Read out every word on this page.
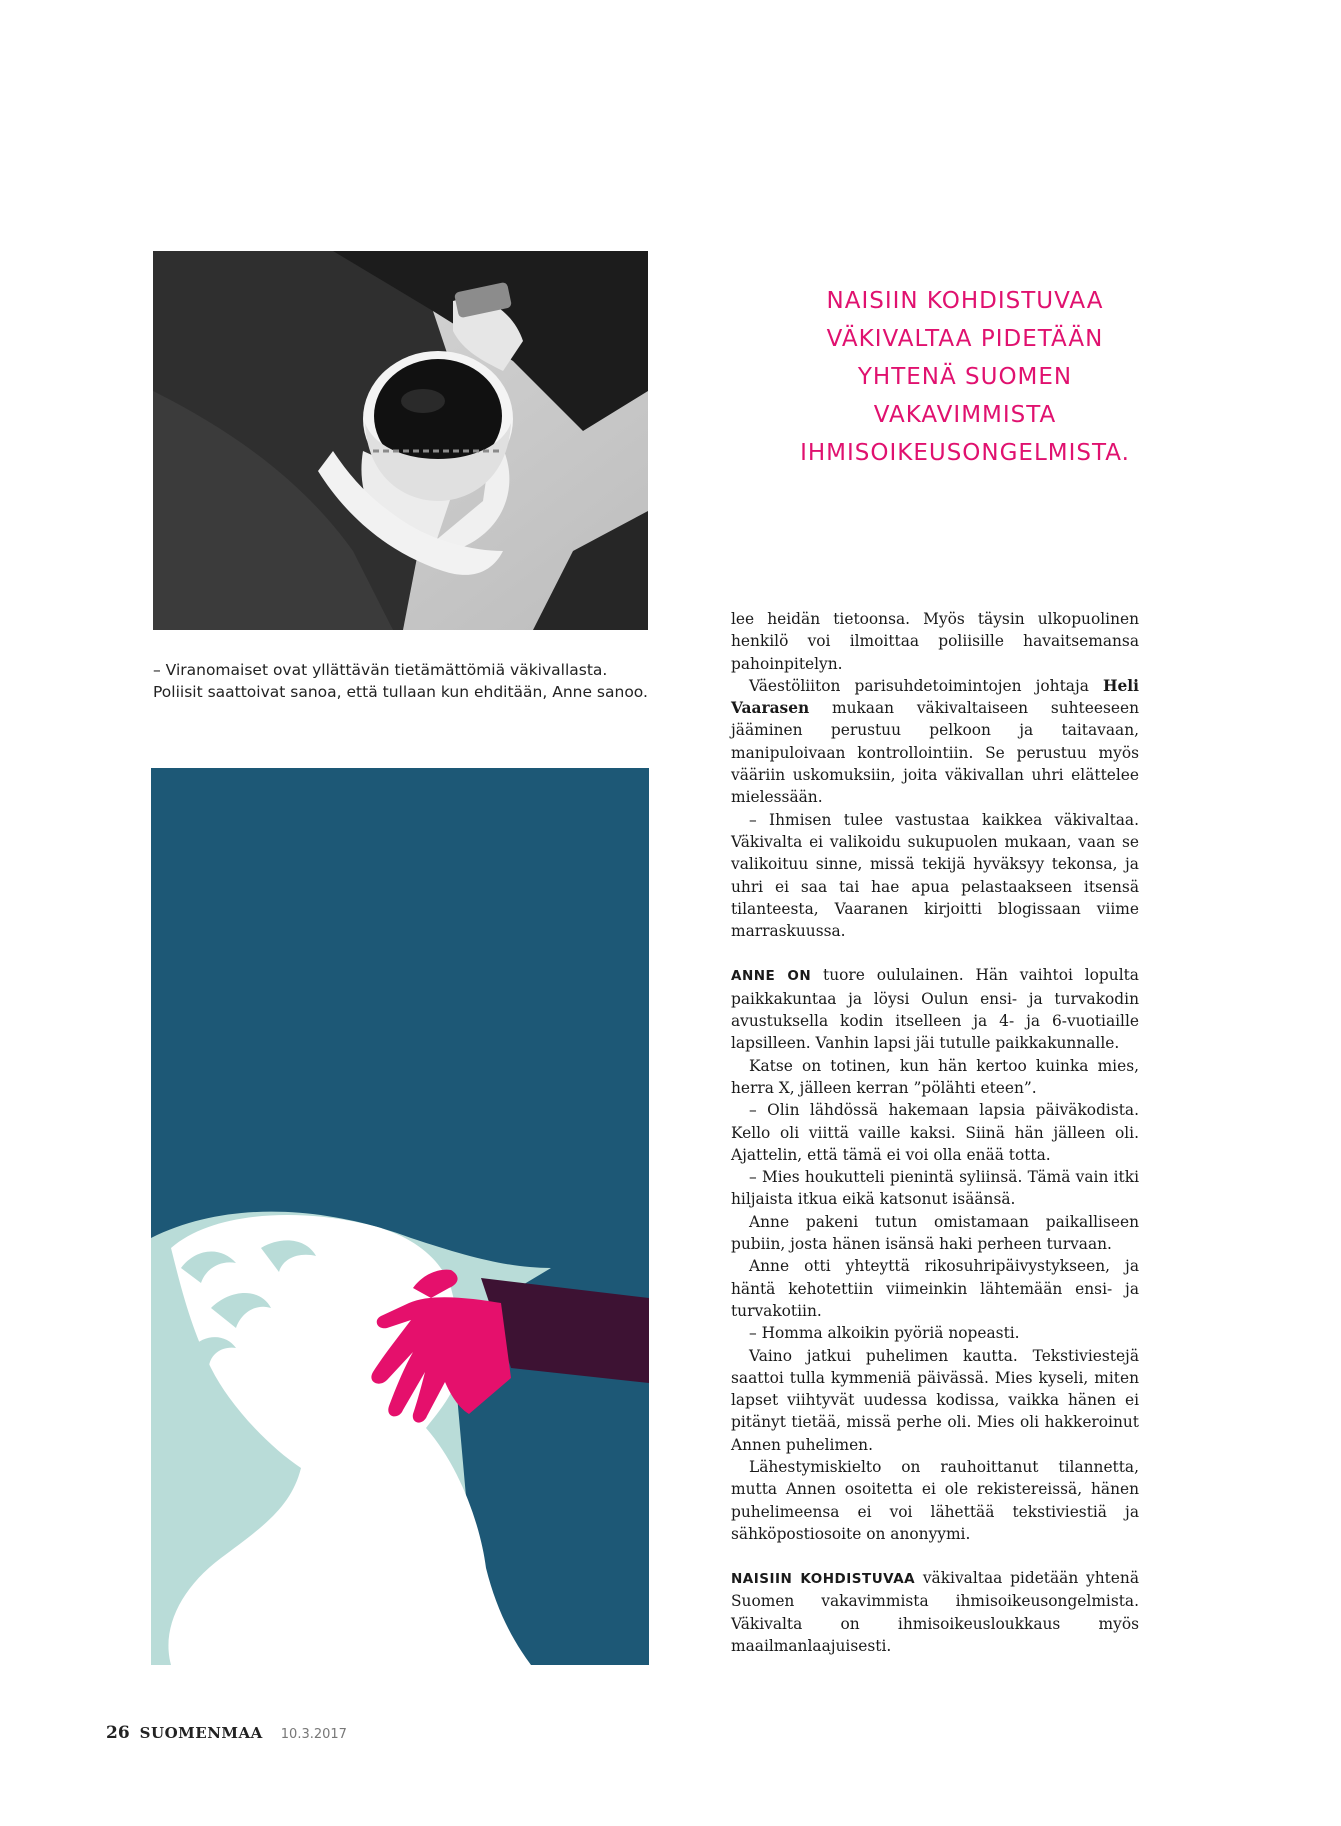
– Viranomaiset ovat yllättävän tietämättömiä väkivallasta.

Poliisit saattoivat sanoa, että tullaan kun ehditään, Anne sanoo.

NAISIIN KOHDISTUVAA

VÄKIVALTAA PIDETÄÄN

YHTENÄ SUOMEN

VAKAVIMMISTA

IHMISOIKEUSONGELMISTA.

lee heidän tietoonsa. Myös täysin ulkopuolinen henkilö voi ilmoittaa poliisille havaitsemansa pahoinpitelyn.

Väestöliiton parisuhdetoimintojen johtaja Heli Vaarasen mukaan väkivaltaiseen suhteeseen jääminen perustuu pelkoon ja taitavaan, manipuloivaan kontrollointiin. Se perustuu myös vääriin uskomuksiin, joita väkivallan uhri elättelee mielessään.

– Ihmisen tulee vastustaa kaikkea väkivaltaa. Väkivalta ei valikoidu sukupuolen mukaan, vaan se valikoituu sinne, missä tekijä hyväksyy tekonsa, ja uhri ei saa tai hae apua pelastaakseen itsensä tilanteesta, Vaaranen kirjoitti blogissaan viime marraskuussa.

ANNE ON tuore oululainen. Hän vaihtoi lopulta paikkakuntaa ja löysi Oulun ensi- ja turvakodin avustuksella kodin itselleen ja 4- ja 6-vuotiaille lapsilleen. Vanhin lapsi jäi tutulle paikkakunnalle.

Katse on totinen, kun hän kertoo kuinka mies, herra X, jälleen kerran ”pölähti eteen”.

– Olin lähdössä hakemaan lapsia päiväkodista. Kello oli viittä vaille kaksi. Siinä hän jälleen oli. Ajattelin, että tämä ei voi olla enää totta.

– Mies houkutteli pienintä syliinsä. Tämä vain itki hiljaista itkua eikä katsonut isäänsä.

Anne pakeni tutun omistamaan paikalliseen pubiin, josta hänen isänsä haki perheen turvaan.

Anne otti yhteyttä rikosuhripäivystykseen, ja häntä kehotettiin viimeinkin lähtemään ensi- ja turvakotiin.

– Homma alkoikin pyöriä nopeasti.

Vaino jatkui puhelimen kautta. Tekstiviestejä saattoi tulla kymmeniä päivässä. Mies kyseli, miten lapset viihtyvät uudessa kodissa, vaikka hänen ei pitänyt tietää, missä perhe oli. Mies oli hakkeroinut Annen puhelimen.

Lähestymiskielto on rauhoittanut tilannetta, mutta Annen osoitetta ei ole rekistereissä, hänen puhelimeensa ei voi lähettää tekstiviestiä ja sähköpostiosoite on anonyymi.

NAISIIN KOHDISTUVAA väkivaltaa pidetään yhtenä Suomen vakavimmista ihmisoikeusongelmista. Väkivalta on ihmisoikeusloukkaus myös maailmanlaajuisesti.

26 SUOMENMAA 10.3.2017
